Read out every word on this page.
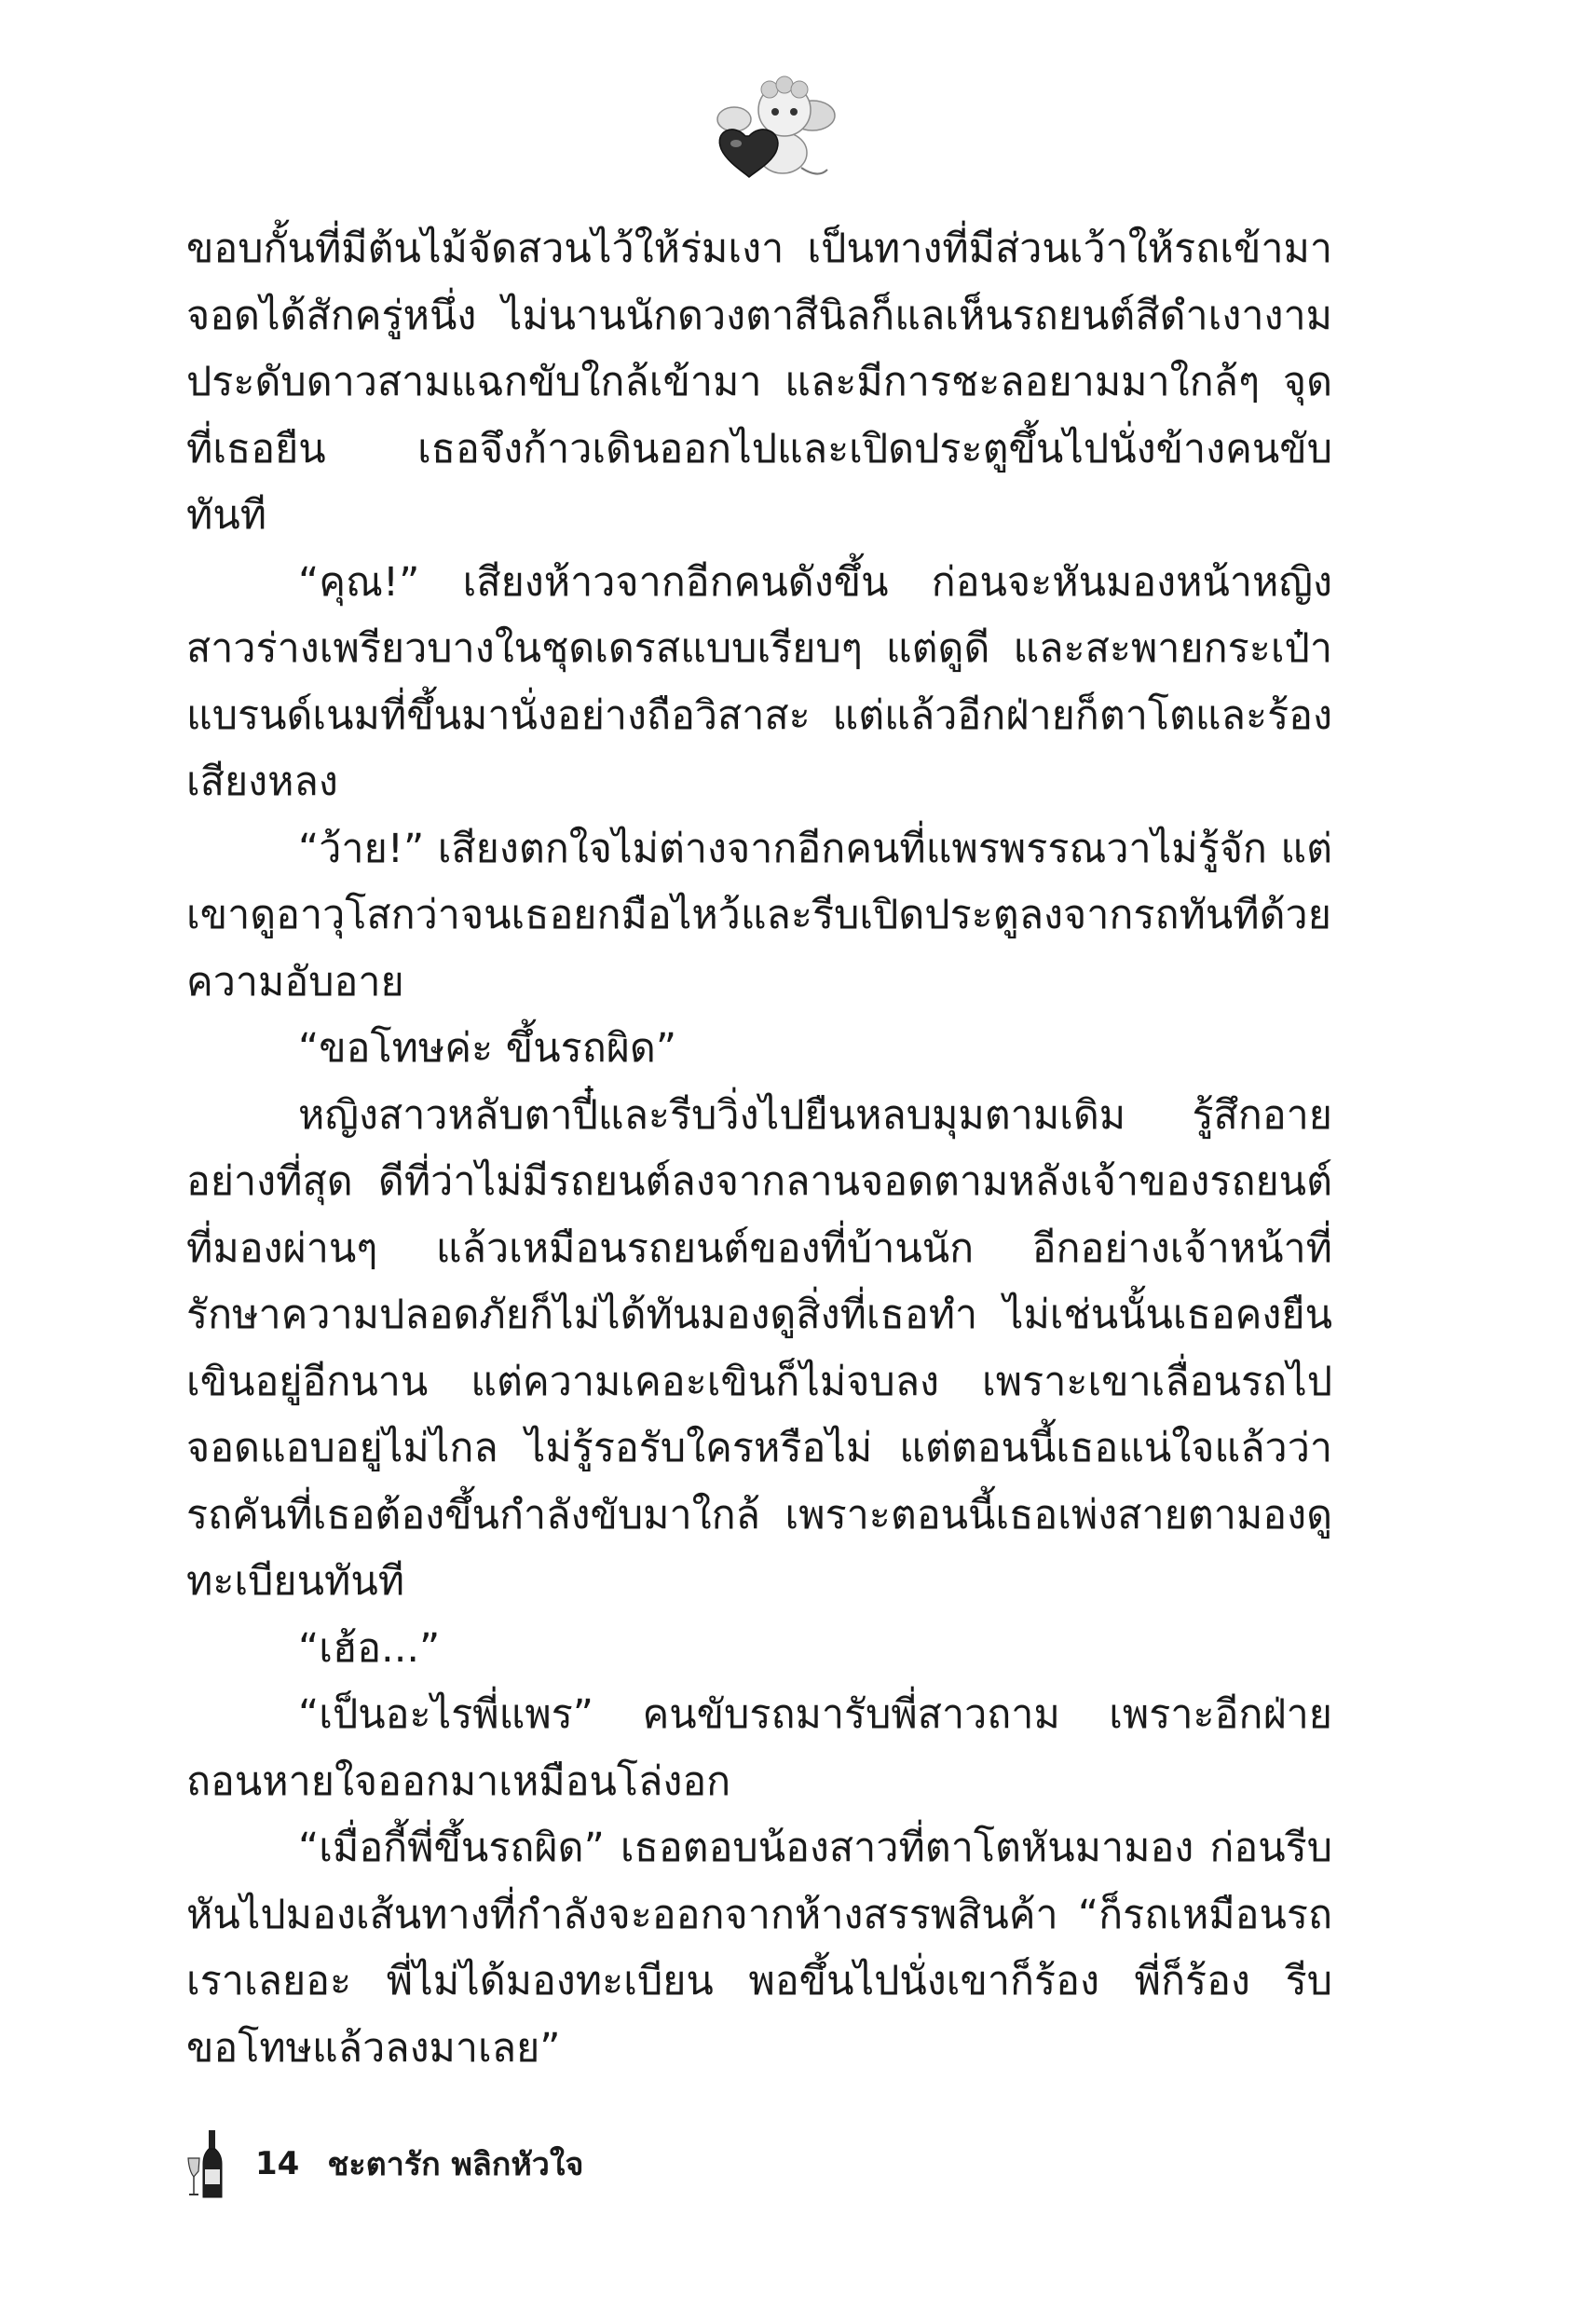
ขอบกั้นที่มีต้นไม้จัดสวนไว้ให้ร่มเงา เป็นทางที่มีส่วนเว้าให้รถเข้ามาจอดได้สักครู่หนึ่ง ไม่นานนักดวงตาสีนิลก็แลเห็นรถยนต์สีดำเงางามประดับดาวสามแฉกขับใกล้เข้ามา และมีการชะลอยามมาใกล้ๆ จุดที่เธอยืน เธอจึงก้าวเดินออกไปและเปิดประตูขึ้นไปนั่งข้างคนขับทันที

“คุณ!” เสียงห้าวจากอีกคนดังขึ้น ก่อนจะหันมองหน้าหญิงสาวร่างเพรียวบางในชุดเดรสแบบเรียบๆ แต่ดูดี และสะพายกระเป๋าแบรนด์เนมที่ขึ้นมานั่งอย่างถือวิสาสะ แต่แล้วอีกฝ่ายก็ตาโตและร้องเสียงหลง

“ว้าย!” เสียงตกใจไม่ต่างจากอีกคนที่แพรพรรณวาไม่รู้จัก แต่เขาดูอาวุโสกว่าจนเธอยกมือไหว้และรีบเปิดประตูลงจากรถทันทีด้วยความอับอาย

“ขอโทษค่ะ ขึ้นรถผิด”

หญิงสาวหลับตาปี๋และรีบวิ่งไปยืนหลบมุมตามเดิม รู้สึกอายอย่างที่สุด ดีที่ว่าไม่มีรถยนต์ลงจากลานจอดตามหลังเจ้าของรถยนต์ที่มองผ่านๆ แล้วเหมือนรถยนต์ของที่บ้านนัก อีกอย่างเจ้าหน้าที่รักษาความปลอดภัยก็ไม่ได้ทันมองดูสิ่งที่เธอทำ ไม่เช่นนั้นเธอคงยืนเขินอยู่อีกนาน แต่ความเคอะเขินก็ไม่จบลง เพราะเขาเลื่อนรถไปจอดแอบอยู่ไม่ไกล ไม่รู้รอรับใครหรือไม่ แต่ตอนนี้เธอแน่ใจแล้วว่ารถคันที่เธอต้องขึ้นกำลังขับมาใกล้ เพราะตอนนี้เธอเพ่งสายตามองดูทะเบียนทันที

“เฮ้อ...”

“เป็นอะไรพี่แพร” คนขับรถมารับพี่สาวถาม เพราะอีกฝ่ายถอนหายใจออกมาเหมือนโล่งอก

“เมื่อกี้พี่ขึ้นรถผิด” เธอตอบน้องสาวที่ตาโตหันมามอง ก่อนรีบหันไปมองเส้นทางที่กำลังจะออกจากห้างสรรพสินค้า “ก็รถเหมือนรถเราเลยอะ พี่ไม่ได้มองทะเบียน พอขึ้นไปนั่งเขาก็ร้อง พี่ก็ร้อง รีบขอโทษแล้วลงมาเลย”

14 ชะตารัก พลิกหัวใจ
